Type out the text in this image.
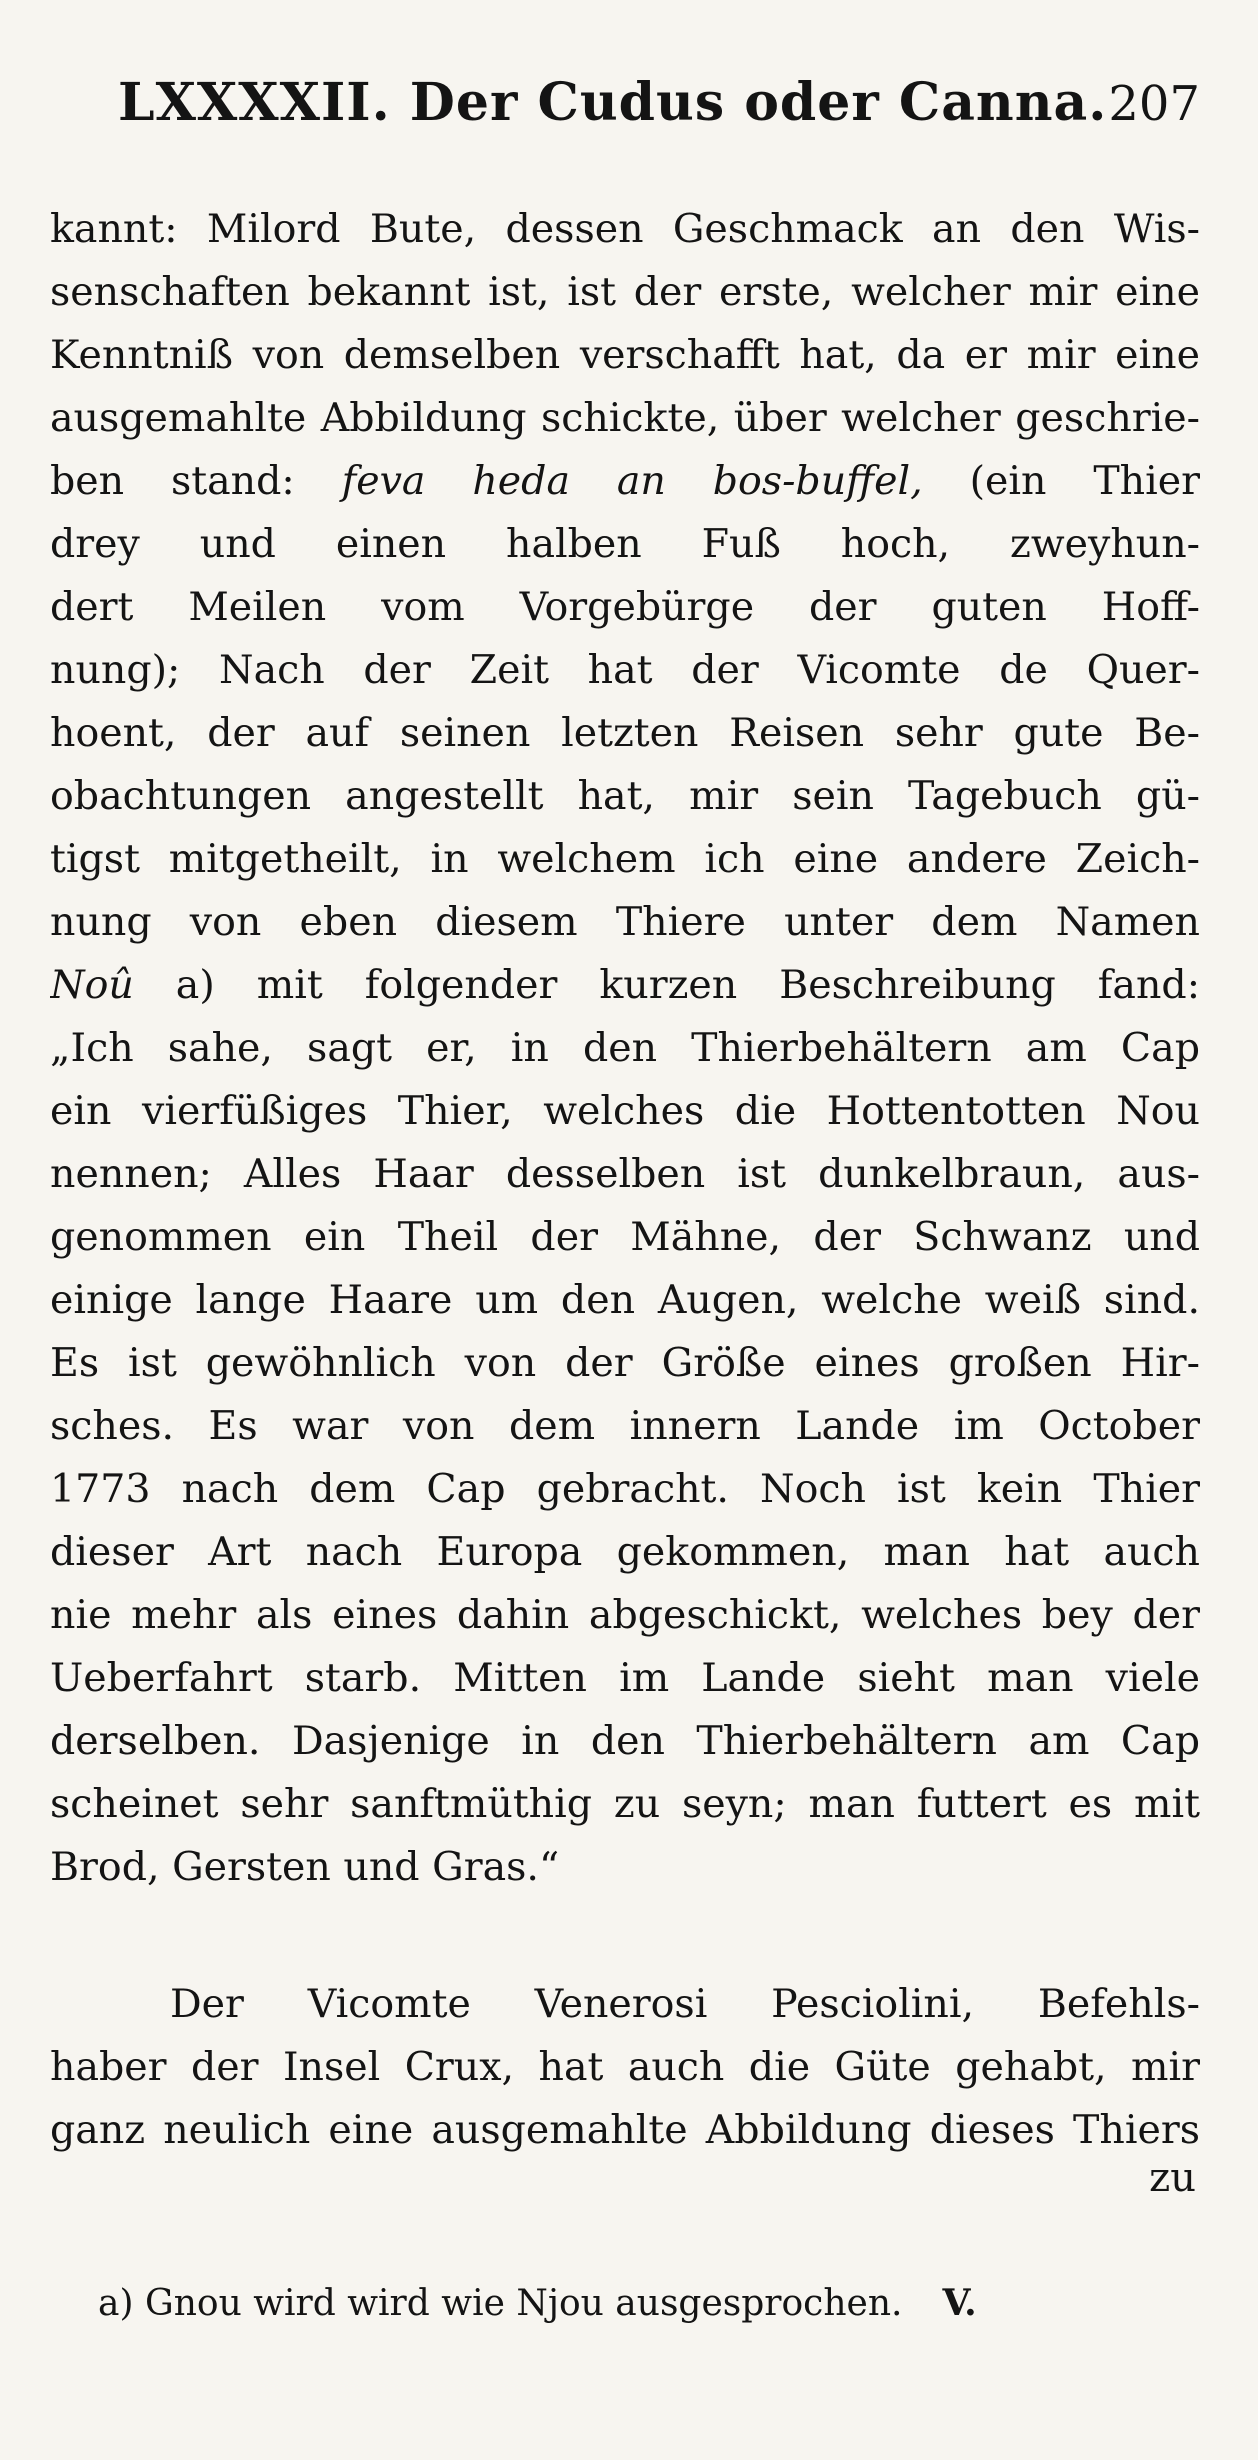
LXXXXII. Der Cudus oder Canna. 207
kannt: Milord Bute, dessen Geschmack an den Wis-
senschaften bekannt ist, ist der erste, welcher mir eine
Kenntniß von demselben verschafft hat, da er mir eine
ausgemahlte Abbildung schickte, über welcher geschrie-
ben stand: feva heda an bos-buffel, (ein Thier
drey und einen halben Fuß hoch, zweyhun-
dert Meilen vom Vorgebürge der guten Hoff-
nung); Nach der Zeit hat der Vicomte de Quer-
hoent, der auf seinen letzten Reisen sehr gute Be-
obachtungen angestellt hat, mir sein Tagebuch gü-
tigst mitgetheilt, in welchem ich eine andere Zeich-
nung von eben diesem Thiere unter dem Namen
Noû a) mit folgender kurzen Beschreibung fand:
„Ich sahe, sagt er, in den Thierbehältern am Cap
ein vierfüßiges Thier, welches die Hottentotten Nou
nennen; Alles Haar desselben ist dunkelbraun, aus-
genommen ein Theil der Mähne, der Schwanz und
einige lange Haare um den Augen, welche weiß sind.
Es ist gewöhnlich von der Größe eines großen Hir-
sches. Es war von dem innern Lande im October
1773 nach dem Cap gebracht. Noch ist kein Thier
dieser Art nach Europa gekommen, man hat auch
nie mehr als eines dahin abgeschickt, welches bey der
Ueberfahrt starb. Mitten im Lande sieht man viele
derselben. Dasjenige in den Thierbehältern am Cap
scheinet sehr sanftmüthig zu seyn; man futtert es mit
Brod, Gersten und Gras.“
Der Vicomte Venerosi Pesciolini, Befehls-
haber der Insel Crux, hat auch die Güte gehabt, mir
ganz neulich eine ausgemahlte Abbildung dieses Thiers
zu
a) Gnou wird wird wie Njou ausgesprochen. V.
